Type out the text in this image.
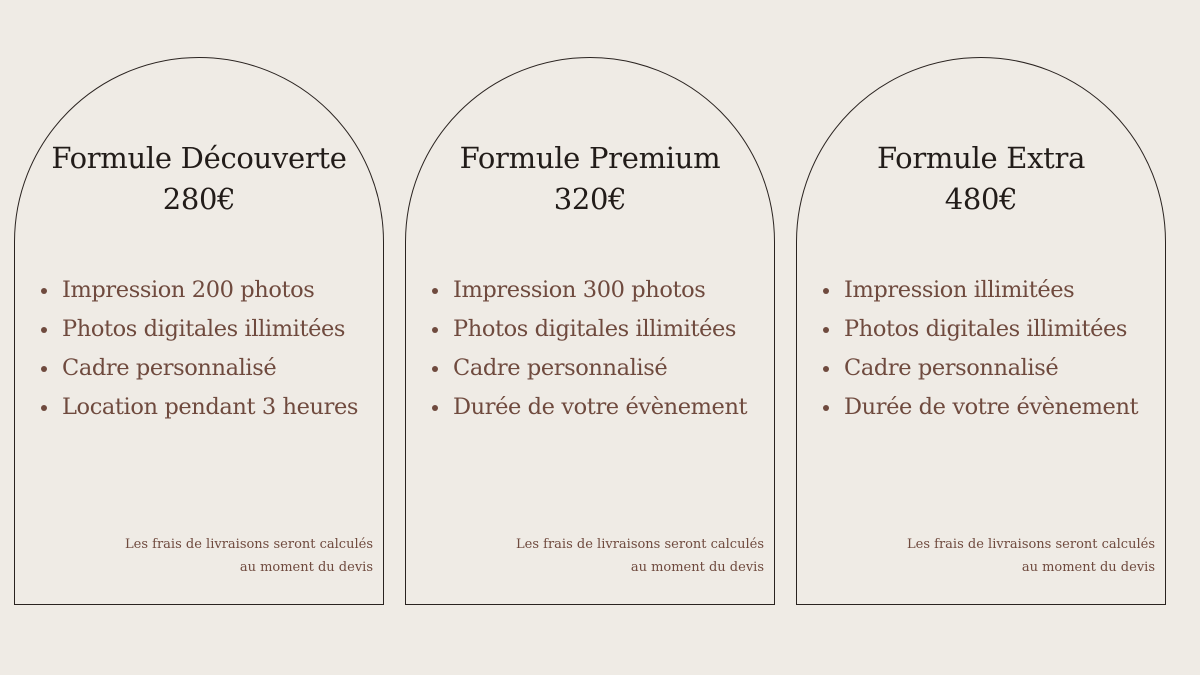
Formule Découverte
280€
Impression 200 photos
Photos digitales illimitées
Cadre personnalisé
Location pendant 3 heures
Les frais de livraisons seront calculés
au moment du devis
Formule Premium
320€
Impression 300 photos
Photos digitales illimitées
Cadre personnalisé
Durée de votre évènement
Les frais de livraisons seront calculés
au moment du devis
Formule Extra
480€
Impression illimitées
Photos digitales illimitées
Cadre personnalisé
Durée de votre évènement
Les frais de livraisons seront calculés
au moment du devis
